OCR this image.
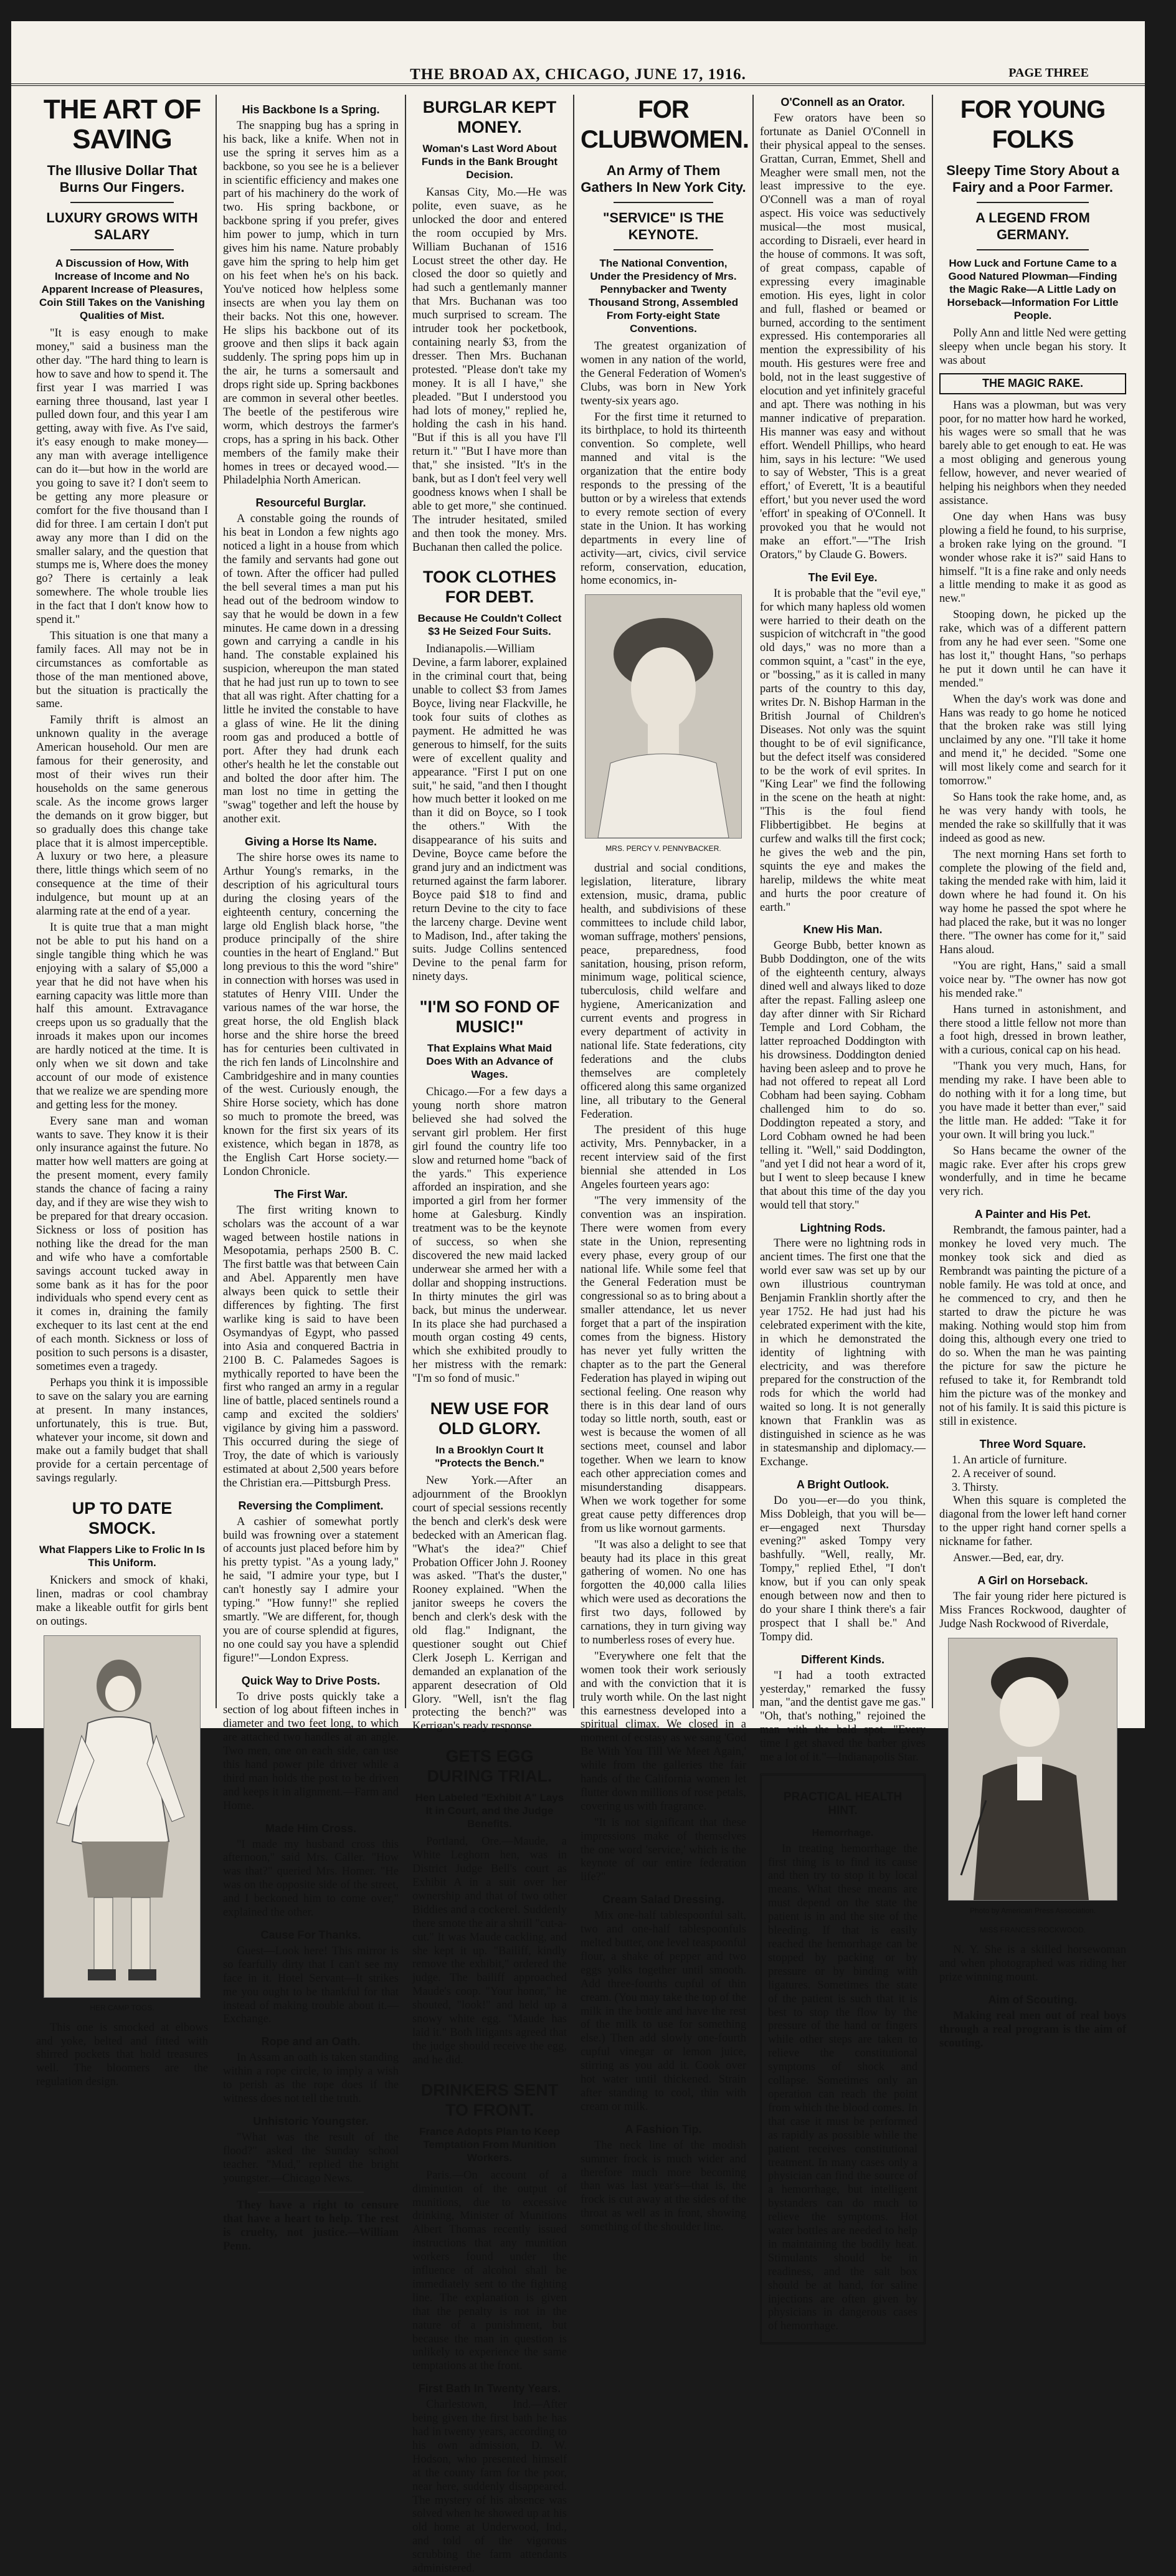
THE BROAD AX, CHICAGO, JUNE 17, 1916.	PAGE THREE
THE ART OF SAVING
The Illusive Dollar That Burns Our Fingers.
LUXURY GROWS WITH SALARY
A Discussion of How, With Increase of Income and No Apparent Increase of Pleasures, Coin Still Takes on the Vanishing Qualities of Mist.

"It is easy enough to make money," said a business man the other day. "The hard thing to learn is how to save and how to spend it. The first year I was married I was earning three thousand, last year I pulled down four, and this year I am getting, away with five. As I've said, it's easy enough to make money—any man with average intelligence can do it—but how in the world are you going to save it? I don't seem to be getting any more pleasure or comfort for the five thousand than I did for three. I am certain I don't put away any more than I did on the smaller salary, and the question that stumps me is, Where does the money go? There is certainly a leak somewhere. The whole trouble lies in the fact that I don't know how to spend it."

This situation is one that many a family faces. All may not be in circumstances as comfortable as those of the man mentioned above, but the situation is practically the same.

Family thrift is almost an unknown quality in the average American household. Our men are famous for their generosity, and most of their wives run their households on the same generous scale. As the income grows larger the demands on it grow bigger, but so gradually does this change take place that it is almost imperceptible. A luxury or two here, a pleasure there, little things which seem of no consequence at the time of their indulgence, but mount up at an alarming rate at the end of a year.

It is quite true that a man might not be able to put his hand on a single tangible thing which he was enjoying with a salary of $5,000 a year that he did not have when his earning capacity was little more than half this amount. Extravagance creeps upon us so gradually that the inroads it makes upon our incomes are hardly noticed at the time. It is only when we sit down and take account of our mode of existence that we realize we are spending more and getting less for the money.

Every sane man and woman wants to save. They know it is their only insurance against the future. No matter how well matters are going at the present moment, every family stands the chance of facing a rainy day, and if they are wise they wish to be prepared for that dreary occasion. Sickness or loss of position has nothing like the dread for the man and wife who have a comfortable savings account tucked away in some bank as it has for the poor individuals who spend every cent as it comes in, draining the family exchequer to its last cent at the end of each month. Sickness or loss of position to such persons is a disaster, sometimes even a tragedy.

Perhaps you think it is impossible to save on the salary you are earning at present. In many instances, unfortunately, this is true. But, whatever your income, sit down and make out a family budget that shall provide for a certain percentage of savings regularly.

UP TO DATE SMOCK.
What Flappers Like to Frolic In Is This Uniform.

Knickers and smock of khaki, linen, madras or cool chambray make a likeable outfit for girls bent on outings.

HER CAMP TOGS.

This one is smocked at elbows and yoke, belted and fitted with shirred pockets that hold treasures well. The bloomers are the regulation design.

His Backbone Is a Spring.

The snapping bug has a spring in his back, like a knife. When not in use the spring it serves him as a backbone, so you see he is a believer in scientific efficiency and makes one part of his machinery do the work of two. His spring backbone, or backbone spring if you prefer, gives him power to jump, which in turn gives him his name. Nature probably gave him the spring to help him get on his feet when he's on his back. You've noticed how helpless some insects are when you lay them on their backs. Not this one, however. He slips his backbone out of its groove and then slips it back again suddenly. The spring pops him up in the air, he turns a somersault and drops right side up. Spring backbones are common in several other beetles. The beetle of the pestiferous wire worm, which destroys the farmer's crops, has a spring in his back. Other members of the family make their homes in trees or decayed wood.—Philadelphia North American.

Resourceful Burglar.

A constable going the rounds of his beat in London a few nights ago noticed a light in a house from which the family and servants had gone out of town. After the officer had pulled the bell several times a man put his head out of the bedroom window to say that he would be down in a few minutes. He came down in a dressing gown and carrying a candle in his hand. The constable explained his suspicion, whereupon the man stated that he had just run up to town to see that all was right. After chatting for a little he invited the constable to have a glass of wine. He lit the dining room gas and produced a bottle of port. After they had drunk each other's health he let the constable out and bolted the door after him. The man lost no time in getting the "swag" together and left the house by another exit.

Giving a Horse Its Name.

The shire horse owes its name to Arthur Young's remarks, in the description of his agricultural tours during the closing years of the eighteenth century, concerning the large old English black horse, "the produce principally of the shire counties in the heart of England." But long previous to this the word "shire" in connection with horses was used in statutes of Henry VIII. Under the various names of the war horse, the great horse, the old English black horse and the shire horse the breed has for centuries been cultivated in the rich fen lands of Lincolnshire and Cambridgeshire and in many counties of the west. Curiously enough, the Shire Horse society, which has done so much to promote the breed, was known for the first six years of its existence, which began in 1878, as the English Cart Horse society.—London Chronicle.

The First War.

The first writing known to scholars was the account of a war waged between hostile nations in Mesopotamia, perhaps 2500 B. C. The first battle was that between Cain and Abel. Apparently men have always been quick to settle their differences by fighting. The first warlike king is said to have been Osymandyas of Egypt, who passed into Asia and conquered Bactria in 2100 B. C. Palamedes Sagoes is mythically reported to have been the first who ranged an army in a regular line of battle, placed sentinels round a camp and excited the soldiers' vigilance by giving him a password. This occurred during the siege of Troy, the date of which is variously estimated at about 2,500 years before the Christian era.—Pittsburgh Press.

Reversing the Compliment.

A cashier of somewhat portly build was frowning over a statement of accounts just placed before him by his pretty typist. "As a young lady," he said, "I admire your type, but I can't honestly say I admire your typing." "How funny!" she replied smartly. "We are different, for, though you are of course splendid at figures, no one could say you have a splendid figure!"—London Express.

Quick Way to Drive Posts.

To drive posts quickly take a section of log about fifteen inches in diameter and two feet long, to which are attached two handles at an angle. Two men, one on each side, can use this hand power pile driver while a third man holds the post to be driven and keeps it in alignment.—Farm and Home.

Made Him Cross.

"I made my husband cross this afternoon," said Mrs. Caller. "How was that?" queried Mrs. Homer. "He was on the opposite side of the street, and I beckoned him to come over," explained the other.

Cause For Thanks.

Guest—Look here! This mirror is so fearfully dirty that I can't see my face in it. Hotel Servant—It strikes me you ought to be thankful for that instead of making trouble about it.—Exchange.

Rope and an Oath.

In Assam an oath is taken standing within a rope circle, to imply a wish to perish as the rope does if the witness does not tell the truth.

Unhistoric Youngster.

"What was the result of the flood?" asked the Sunday school teacher. "Mud," replied the bright youngster.—Chicago News.

They have a right to censure that have a heart to help. The rest is cruelty, not justice.—William Penn.

BURGLAR KEPT MONEY.
Woman's Last Word About Funds in the Bank Brought Decision.

Kansas City, Mo.—He was polite, even suave, as he unlocked the door and entered the room occupied by Mrs. William Buchanan of 1516 Locust street the other day. He closed the door so quietly and had such a gentlemanly manner that Mrs. Buchanan was too much surprised to scream. The intruder took her pocketbook, containing nearly $3, from the dresser. Then Mrs. Buchanan protested. "Please don't take my money. It is all I have," she pleaded. "But I understood you had lots of money," replied he, holding the cash in his hand. "But if this is all you have I'll return it." "But I have more than that," she insisted. "It's in the bank, but as I don't feel very well goodness knows when I shall be able to get more," she continued. The intruder hesitated, smiled and then took the money. Mrs. Buchanan then called the police.

TOOK CLOTHES FOR DEBT.
Because He Couldn't Collect $3 He Seized Four Suits.

Indianapolis.—William Devine, a farm laborer, explained in the criminal court that, being unable to collect $3 from James Boyce, living near Flackville, he took four suits of clothes as payment. He admitted he was generous to himself, for the suits were of excellent quality and appearance. "First I put on one suit," he said, "and then I thought how much better it looked on me than it did on Boyce, so I took the others." With the disappearance of his suits and Devine, Boyce came before the grand jury and an indictment was returned against the farm laborer. Boyce paid $18 to find and return Devine to the city to face the larceny charge. Devine went to Madison, Ind., after taking the suits. Judge Collins sentenced Devine to the penal farm for ninety days.

"I'M SO FOND OF MUSIC!"
That Explains What Maid Does With an Advance of Wages.

Chicago.—For a few days a young north shore matron believed she had solved the servant girl problem. Her first girl found the country life too slow and returned home "back of the yards." This experience afforded an inspiration, and she imported a girl from her former home at Galesburg. Kindly treatment was to be the keynote of success, so when she discovered the new maid lacked underwear she armed her with a dollar and shopping instructions. In thirty minutes the girl was back, but minus the underwear. In its place she had purchased a mouth organ costing 49 cents, which she exhibited proudly to her mistress with the remark: "I'm so fond of music."

NEW USE FOR OLD GLORY.
In a Brooklyn Court It "Protects the Bench."

New York.—After an adjournment of the Brooklyn court of special sessions recently the bench and clerk's desk were bedecked with an American flag. "What's the idea?" Chief Probation Officer John J. Rooney was asked. "That's the duster," Rooney explained. "When the janitor sweeps he covers the bench and clerk's desk with the old flag." Indignant, the questioner sought out Chief Clerk Joseph L. Kerrigan and demanded an explanation of the apparent desecration of Old Glory. "Well, isn't the flag protecting the bench?" was Kerrigan's ready response.

GETS EGG DURING TRIAL.
Hen Labeled "Exhibit A" Lays It in Court, and the Judge Benefits.

Portland, Ore.—Maude, a White Leghorn hen, was in District Judge Bell's court as Exhibit A in a suit over her ownership and that of two other Biddies and a cockerel. Suddenly there smote the air a shrill "cut-a-cut." It was Maude cackling, and she kept it up. "Bailiff, kindly remove the exhibit," ordered the judge. The bailiff approached Maude's coop. "Your honor," he shouted, "look!" and held up a snowy white egg. "Maude has laid it." Both litigants agreed that the judge should receive the egg, and he did.

DRINKERS SENT TO FRONT.
France Adopts Plan to Keep Temptation From Munition Workers.

Paris.—On account of a diminution of the output of munitions, due to excessive drinking, Minister of Munitions Albert Thomas recently issued instructions that any munition workers found under the influence of alcohol shall be immediately sent to the fighting line. The explanation is given that the penalty is not in the nature of a punishment, but because the man in question is unlikely to experience the same temptations at the front.

First Bath In Twenty Years.

Charlestown, Ind.—After being given the first bath he has had in twenty years, according to his own admission, D. W. Hodson, who presented himself at the county farm for the poor, near here, suddenly disappeared. The mystery of his absence was solved when he showed up at his old home at Underwood, Ind., and told of the vigorous scrubbing the farm attendants administered.

FOR CLUBWOMEN.
An Army of Them Gathers In New York City.
"SERVICE" IS THE KEYNOTE.
The National Convention, Under the Presidency of Mrs. Pennybacker and Twenty Thousand Strong, Assembled From Forty-eight State Conventions.

The greatest organization of women in any nation of the world, the General Federation of Women's Clubs, was born in New York twenty-six years ago.

For the first time it returned to its birthplace, to hold its thirteenth convention. So complete, well manned and vital is the organization that the entire body responds to the pressing of the button or by a wireless that extends to every remote section of every state in the Union. It has working departments in every line of activity—art, civics, civil service reform, conservation, education, home economics, in-

MRS. PERCY V. PENNYBACKER.

dustrial and social conditions, legislation, literature, library extension, music, drama, public health, and subdivisions of these committees to include child labor, woman suffrage, mothers' pensions, peace, preparedness, food sanitation, housing, prison reform, minimum wage, political science, tuberculosis, child welfare and hygiene, Americanization and current events and progress in every department of activity in national life. State federations, city federations and the clubs themselves are completely officered along this same organized line, all tributary to the General Federation.

The president of this huge activity, Mrs. Pennybacker, in a recent interview said of the first biennial she attended in Los Angeles fourteen years ago:

"The very immensity of the convention was an inspiration. There were women from every state in the Union, representing every phase, every group of our national life. While some feel that the General Federation must be congressional so as to bring about a smaller attendance, let us never forget that a part of the inspiration comes from the bigness. History has never yet fully written the chapter as to the part the General Federation has played in wiping out sectional feeling. One reason why there is in this dear land of ours today so little north, south, east or west is because the women of all sections meet, counsel and labor together. When we learn to know each other appreciation comes and misunderstanding disappears. When we work together for some great cause petty differences drop from us like wornout garments.

"It was also a delight to see that beauty had its place in this great gathering of women. No one has forgotten the 40,000 calla lilies which were used as decorations the first two days, followed by carnations, they in turn giving way to numberless roses of every hue.

"Everywhere one felt that the women took their work seriously and with the conviction that it is truly worth while. On the last night this earnestness developed into a spiritual climax. We closed in a moment of ecstasy as we sang 'God Be With You Till We Meet Again,' while from the galleries the fair hands of the California women let flutter down millions of rose petals, covering us with fragrance.

"It is not significant that these impressions make of themselves the one word 'service,' which is the keynote of our entire federation life?"

Cream Salad Dressing.

Mix one-half tablespoonful salt, two and one-half tablespoonfuls melted butter, one level teaspoonful flour, a shake of pepper and two eggs yolks together until smooth. Add three-fourths cupful of thin cream. (You may take the top of the milk in the bottle and have the rest of the milk to use for something else.) Then add slowly one-fourth cupful vinegar or lemon juice, stirring as you add it. Cook over hot water until thickened. Strain after standing to cool, thin with cream or milk.

A Fashion Tip.

The neck line of the modish summer frock is much wider and therefore much more becoming than was last year's—that is, the frock is cut away at the sides of the throat as well as in front, showing something of the shoulder line.

O'Connell as an Orator.

Few orators have been so fortunate as Daniel O'Connell in their physical appeal to the senses. Grattan, Curran, Emmet, Shell and Meagher were small men, not the least impressive to the eye. O'Connell was a man of royal aspect. His voice was seductively musical—the most musical, according to Disraeli, ever heard in the house of commons. It was soft, of great compass, capable of expressing every imaginable emotion. His eyes, light in color and full, flashed or beamed or burned, according to the sentiment expressed. His contemporaries all mention the expressibility of his mouth. His gestures were free and bold, not in the least suggestive of elocution and yet infinitely graceful and apt. There was nothing in his manner indicative of preparation. His manner was easy and without effort. Wendell Phillips, who heard him, says in his lecture: "We used to say of Webster, 'This is a great effort,' of Everett, 'It is a beautiful effort,' but you never used the word 'effort' in speaking of O'Connell. It provoked you that he would not make an effort."—"The Irish Orators," by Claude G. Bowers.

The Evil Eye.

It is probable that the "evil eye," for which many hapless old women were harried to their death on the suspicion of witchcraft in "the good old days," was no more than a common squint, a "cast" in the eye, or "bossing," as it is called in many parts of the country to this day, writes Dr. N. Bishop Harman in the British Journal of Children's Diseases. Not only was the squint thought to be of evil significance, but the defect itself was considered to be the work of evil sprites. In "King Lear" we find the following in the scene on the heath at night: "This is the foul fiend Flibbertigibbet. He begins at curfew and walks till the first cock; he gives the web and the pin, squints the eye and makes the harelip, mildews the white meat and hurts the poor creature of earth."

Knew His Man.

George Bubb, better known as Bubb Doddington, one of the wits of the eighteenth century, always dined well and always liked to doze after the repast. Falling asleep one day after dinner with Sir Richard Temple and Lord Cobham, the latter reproached Doddington with his drowsiness. Doddington denied having been asleep and to prove he had not offered to repeat all Lord Cobham had been saying. Cobham challenged him to do so. Doddington repeated a story, and Lord Cobham owned he had been telling it. "Well," said Doddington, "and yet I did not hear a word of it, but I went to sleep because I knew that about this time of the day you would tell that story."

Lightning Rods.

There were no lightning rods in ancient times. The first one that the world ever saw was set up by our own illustrious countryman Benjamin Franklin shortly after the year 1752. He had just had his celebrated experiment with the kite, in which he demonstrated the identity of lightning with electricity, and was therefore prepared for the construction of the rods for which the world had waited so long. It is not generally known that Franklin was as distinguished in science as he was in statesmanship and diplomacy.—Exchange.

A Bright Outlook.

Do you—er—do you think, Miss Dobleigh, that you will be—er—engaged next Thursday evening?" asked Tompy very bashfully. "Well, really, Mr. Tompy," replied Ethel, "I don't know, but if you can only speak enough between now and then to do your share I think there's a fair prospect that I shall be." And Tompy did.

Different Kinds.

"I had a tooth extracted yesterday," remarked the fussy man, "and the dentist gave me gas." "Oh, that's nothing," rejoined the man with the bald spot. "Every time I get shaved the barber gives me a lot of it."—Indianapolis Star.

PRACTICAL HEALTH HINT.
Hemorrhage.

In treating hemorrhage the first thing is to find its cause and then try to stop it by local means. What these means are must depend on the state the patient is in and the site of the bleeding. If that is easily reached the hemorrhage can be stopped by packing or by pressure or by binding with ligatures. Sometimes the state of the patient is such that it is best to stop the flow by the pressure of the hand or fingers while other steps are taken to relieve the constitutional symptoms of shock and collapse. Sometimes only an operation can reach the point from which the blood comes. In that case it must be performed as rapidly as possible while the patient receives constitutional treatment. In many cases only a physician can find the source of a hemorrhage, but intelligent bystanders can do much to relieve the symptoms. Hot water bottles are needed to help in maintaining the bodily heat. Stimulants should be in readiness, and the salt box should be at hand, for saline injections are often given by physicians in dangerous cases of hemorrhage.

FOR YOUNG FOLKS
Sleepy Time Story About a Fairy and a Poor Farmer.
A LEGEND FROM GERMANY.
How Luck and Fortune Came to a Good Natured Plowman—Finding the Magic Rake—A Little Lady on Horseback—Information For Little People.

Polly Ann and little Ned were getting sleepy when uncle began his story. It was about

THE MAGIC RAKE.

Hans was a plowman, but was very poor, for no matter how hard he worked, his wages were so small that he was barely able to get enough to eat. He was a most obliging and generous young fellow, however, and never wearied of helping his neighbors when they needed assistance.

One day when Hans was busy plowing a field he found, to his surprise, a broken rake lying on the ground. "I wonder whose rake it is?" said Hans to himself. "It is a fine rake and only needs a little mending to make it as good as new."

Stooping down, he picked up the rake, which was of a different pattern from any he had ever seen. "Some one has lost it," thought Hans, "so perhaps he put it down until he can have it mended."

When the day's work was done and Hans was ready to go home he noticed that the broken rake was still lying unclaimed by any one. "I'll take it home and mend it," he decided. "Some one will most likely come and search for it tomorrow."

So Hans took the rake home, and, as he was very handy with tools, he mended the rake so skillfully that it was indeed as good as new.

The next morning Hans set forth to complete the plowing of the field and, taking the mended rake with him, laid it down where he had found it. On his way home he passed the spot where he had placed the rake, but it was no longer there. "The owner has come for it," said Hans aloud.

"You are right, Hans," said a small voice near by. "The owner has now got his mended rake."

Hans turned in astonishment, and there stood a little fellow not more than a foot high, dressed in brown leather, with a curious, conical cap on his head.

"Thank you very much, Hans, for mending my rake. I have been able to do nothing with it for a long time, but you have made it better than ever," said the little man. He added: "Take it for your own. It will bring you luck."

So Hans became the owner of the magic rake. Ever after his crops grew wonderfully, and in time he became very rich.

A Painter and His Pet.

Rembrandt, the famous painter, had a monkey he loved very much. The monkey took sick and died as Rembrandt was painting the picture of a noble family. He was told at once, and he commenced to cry, and then he started to draw the picture he was making. Nothing would stop him from doing this, although every one tried to do so. When the man he was painting the picture for saw the picture he refused to take it, for Rembrandt told him the picture was of the monkey and not of his family. It is said this picture is still in existence.

Three Word Square.

1. An article of furniture.

2. A receiver of sound.

3. Thirsty.

When this square is completed the diagonal from the lower left hand corner to the upper right hand corner spells a nickname for father.

Answer.—Bed, ear, dry.

A Girl on Horseback.

The fair young rider here pictured is Miss Frances Rockwood, daughter of Judge Nash Rockwood of Riverdale,

Photo by American Press Association.
MISS FRANCES ROCKWOOD.

N. Y. She is a skilled horsewoman and when photographed was riding her prize winning mount.

Aim of Scouting.

Making real men out of real boys through a real program is the aim of scouting.
